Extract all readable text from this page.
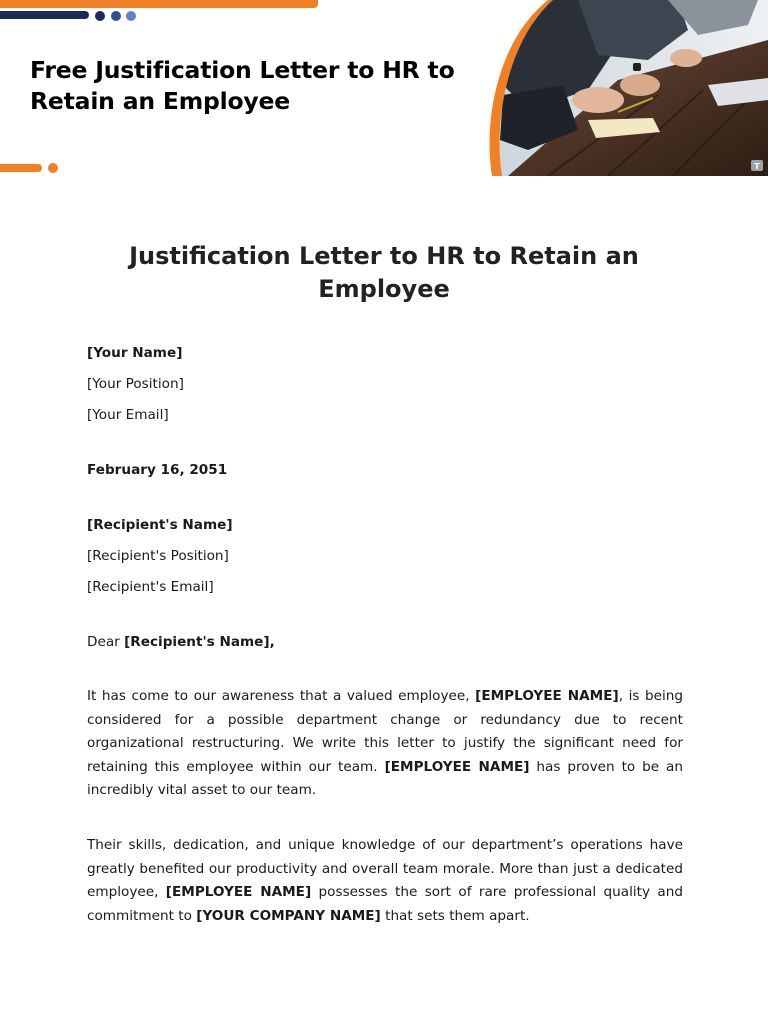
Free Justification Letter to HR to Retain an Employee
T
Justification Letter to HR to Retain an Employee
[Your Name]
[Your Position]
[Your Email]
February 16, 2051
[Recipient's Name]
[Recipient's Position]
[Recipient's Email]
Dear [Recipient's Name],

It has come to our awareness that a valued employee, [EMPLOYEE NAME], is being considered for a possible department change or redundancy due to recent organizational restructuring. We write this letter to justify the significant need for retaining this employee within our team. [EMPLOYEE NAME] has proven to be an incredibly vital asset to our team.

Their skills, dedication, and unique knowledge of our department’s operations have greatly benefited our productivity and overall team morale. More than just a dedicated employee, [EMPLOYEE NAME] possesses the sort of rare professional quality and commitment to [YOUR COMPANY NAME] that sets them apart.
